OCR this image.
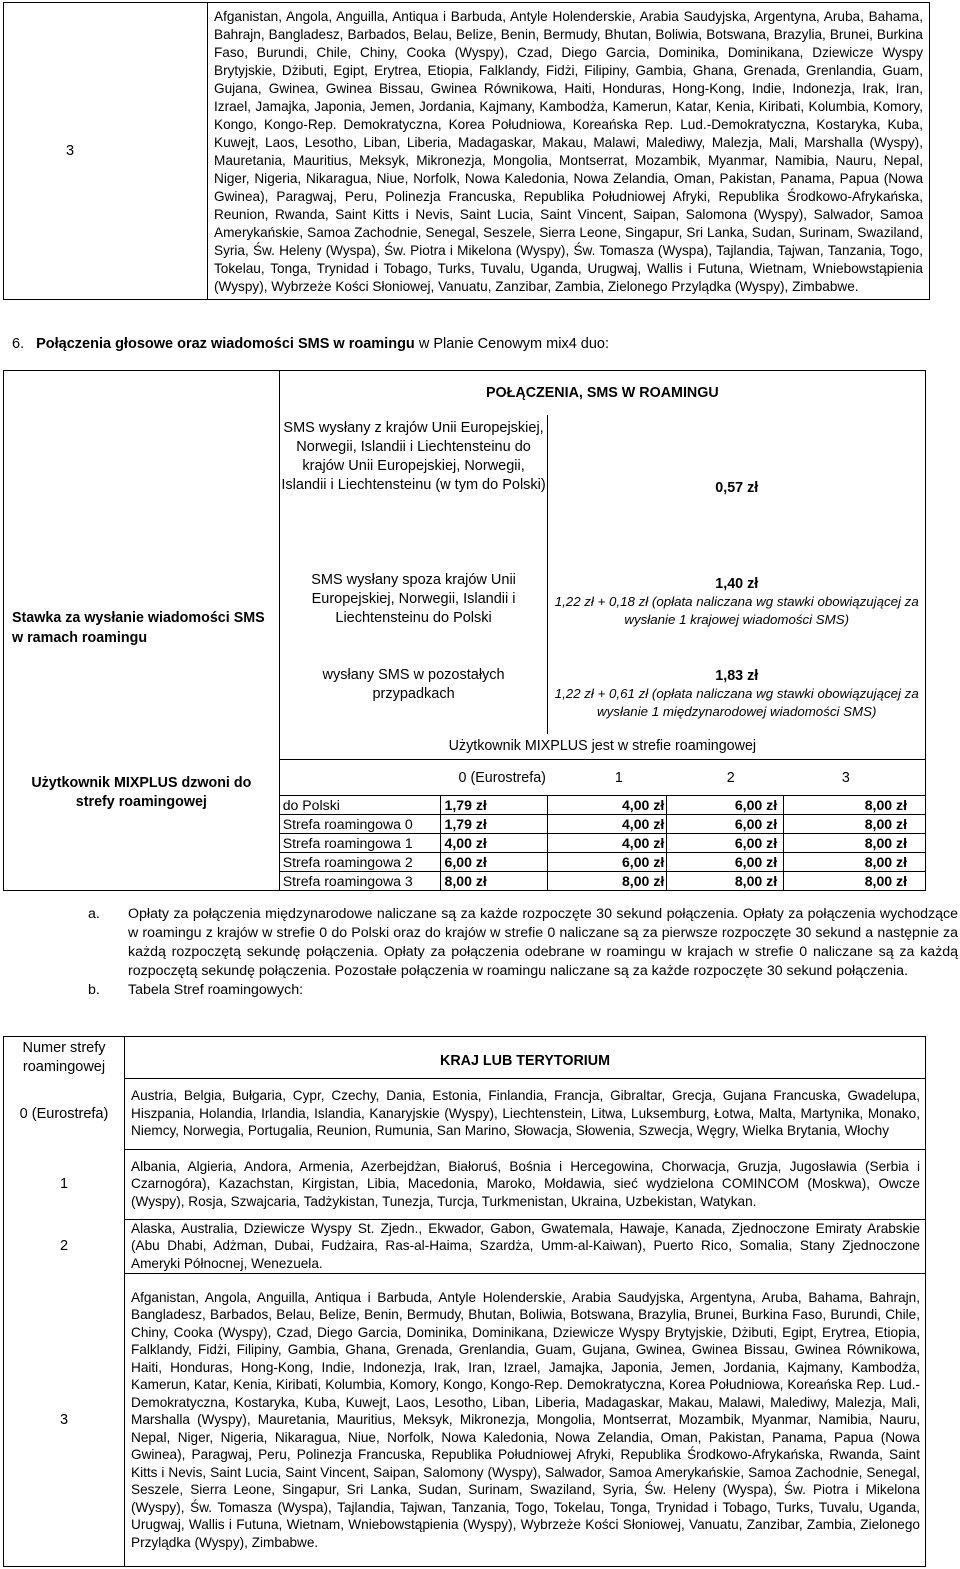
3	Afganistan, Angola, Anguilla, Antiqua i Barbuda, Antyle Holenderskie, Arabia Saudyjska, Argentyna, Aruba, Bahama, Bahrajn, Bangladesz, Barbados, Belau, Belize, Benin, Bermudy, Bhutan, Boliwia, Botswana, Brazylia, Brunei, Burkina Faso, Burundi, Chile, Chiny, Cooka (Wyspy), Czad, Diego Garcia, Dominika, Dominikana, Dziewicze Wyspy Brytyjskie, Dżibuti, Egipt, Erytrea, Etiopia, Falklandy, Fidżi, Filipiny, Gambia, Ghana, Grenada, Grenlandia, Guam, Gujana, Gwinea, Gwinea Bissau, Gwinea Równikowa, Haiti, Honduras, Hong-Kong, Indie, Indonezja, Irak, Iran, Izrael, Jamajka, Japonia, Jemen, Jordania, Kajmany, Kambodża, Kamerun, Katar, Kenia, Kiribati, Kolumbia, Komory, Kongo, Kongo-Rep. Demokratyczna, Korea Południowa, Koreańska Rep. Lud.-Demokratyczna, Kostaryka, Kuba, Kuwejt, Laos, Lesotho, Liban, Liberia, Madagaskar, Makau, Malawi, Malediwy, Malezja, Mali, Marshalla (Wyspy), Mauretania, Mauritius, Meksyk, Mikronezja, Mongolia, Montserrat, Mozambik, Myanmar, Namibia, Nauru, Nepal, Niger, Nigeria, Nikaragua, Niue, Norfolk, Nowa Kaledonia, Nowa Zelandia, Oman, Pakistan, Panama, Papua (Nowa Gwinea), Paragwaj, Peru, Polinezja Francuska, Republika Południowej Afryki, Republika Środkowo-Afrykańska, Reunion, Rwanda, Saint Kitts i Nevis, Saint Lucia, Saint Vincent, Saipan, Salomona (Wyspy), Salwador, Samoa Amerykańskie, Samoa Zachodnie, Senegal, Seszele, Sierra Leone, Singapur, Sri Lanka, Sudan, Surinam, Swaziland, Syria, Św. Heleny (Wyspa), Św. Piotra i Mikelona (Wyspy), Św. Tomasza (Wyspa), Tajlandia, Tajwan, Tanzania, Togo, Tokelau, Tonga, Trynidad i Tobago, Turks, Tuvalu, Uganda, Urugwaj, Wallis i Futuna, Wietnam, Wniebowstąpienia (Wyspy), Wybrzeże Kości Słoniowej, Vanuatu, Zanzibar, Zambia, Zielonego Przylądka (Wyspy), Zimbabwe.
6. Połączenia głosowe oraz wiadomości SMS w roamingu w Planie Cenowym mix4 duo:
Stawka za wysłanie wiadomości SMS w ramach roamingu	POŁĄCZENIA, SMS W ROAMINGU					
	SMS wysłany z krajów Unii Europejskiej, Norwegii, Islandii i Liechtensteinu do krajów Unii Europejskiej, Norwegii, Islandii i Liechtensteinu (w tym do Polski)			0,57 zł		
	SMS wysłany spoza krajów Unii Europejskiej, Norwegii, Islandii i Liechtensteinu do Polski			1,40 zł
1,22 zł + 0,18 zł (opłata naliczana wg stawki obowiązującej za wysłanie 1 krajowej wiadomości SMS)		

	wysłany SMS w pozostałych przypadkach			1,83 zł
1,22 zł + 0,61 zł (opłata naliczana wg stawki obowiązującej za wysłanie 1 międzynarodowej wiadomości SMS)		

	Użytkownik MIXPLUS jest w strefie roamingowej					
Użytkownik MIXPLUS dzwoni do strefy roamingowej		0 (Eurostrefa)		1	2	3
	do Polski		1,79 zł	4,00 zł	6,00 zł	8,00 zł
	Strefa roamingowa 0		1,79 zł	4,00 zł	6,00 zł	8,00 zł
	Strefa roamingowa 1		4,00 zł	4,00 zł	6,00 zł	8,00 zł
	Strefa roamingowa 2		6,00 zł	6,00 zł	6,00 zł	8,00 zł
	Strefa roamingowa 3		8,00 zł	8,00 zł	8,00 zł	8,00 zł
a.	Opłaty za połączenia międzynarodowe naliczane są za każde rozpoczęte 30 sekund połączenia. Opłaty za połączenia wychodzące w roamingu z krajów w strefie 0 do Polski oraz do krajów w strefie 0 naliczane są za pierwsze rozpoczęte 30 sekund a następnie za każdą rozpoczętą sekundę połączenia. Opłaty za połączenia odebrane w roamingu w krajach w strefie 0 naliczane są za każdą rozpoczętą sekundę połączenia. Pozostałe połączenia w roamingu naliczane są za każde rozpoczęte 30 sekund połączenia.
b.	Tabela Stref roamingowych:
Numer strefy roamingowej	KRAJ LUB TERYTORIUM
0 (Eurostrefa)	Austria, Belgia, Bułgaria, Cypr, Czechy, Dania, Estonia, Finlandia, Francja, Gibraltar, Grecja, Gujana Francuska, Gwadelupa, Hiszpania, Holandia, Irlandia, Islandia, Kanaryjskie (Wyspy), Liechtenstein, Litwa, Luksemburg, Łotwa, Malta, Martynika, Monako, Niemcy, Norwegia, Portugalia, Reunion, Rumunia, San Marino, Słowacja, Słowenia, Szwecja, Węgry, Wielka Brytania, Włochy
1	Albania, Algieria, Andora, Armenia, Azerbejdżan, Białoruś, Bośnia i Hercegowina, Chorwacja, Gruzja, Jugosławia (Serbia i Czarnogóra), Kazachstan, Kirgistan, Libia, Macedonia, Maroko, Mołdawia, sieć wydzielona COMINCOM (Moskwa), Owcze (Wyspy), Rosja, Szwajcaria, Tadżykistan, Tunezja, Turcja, Turkmenistan, Ukraina, Uzbekistan, Watykan.
2	Alaska, Australia, Dziewicze Wyspy St. Zjedn., Ekwador, Gabon, Gwatemala, Hawaje, Kanada, Zjednoczone Emiraty Arabskie (Abu Dhabi, Adżman, Dubai, Fudżaira, Ras-al-Haima, Szardża, Umm-al-Kaiwan), Puerto Rico, Somalia, Stany Zjednoczone Ameryki Północnej, Wenezuela.
3	Afganistan, Angola, Anguilla, Antiqua i Barbuda, Antyle Holenderskie, Arabia Saudyjska, Argentyna, Aruba, Bahama, Bahrajn, Bangladesz, Barbados, Belau, Belize, Benin, Bermudy, Bhutan, Boliwia, Botswana, Brazylia, Brunei, Burkina Faso, Burundi, Chile, Chiny, Cooka (Wyspy), Czad, Diego Garcia, Dominika, Dominikana, Dziewicze Wyspy Brytyjskie, Dżibuti, Egipt, Erytrea, Etiopia, Falklandy, Fidżi, Filipiny, Gambia, Ghana, Grenada, Grenlandia, Guam, Gujana, Gwinea, Gwinea Bissau, Gwinea Równikowa, Haiti, Honduras, Hong-Kong, Indie, Indonezja, Irak, Iran, Izrael, Jamajka, Japonia, Jemen, Jordania, Kajmany, Kambodża, Kamerun, Katar, Kenia, Kiribati, Kolumbia, Komory, Kongo, Kongo-Rep. Demokratyczna, Korea Południowa, Koreańska Rep. Lud.-Demokratyczna, Kostaryka, Kuba, Kuwejt, Laos, Lesotho, Liban, Liberia, Madagaskar, Makau, Malawi, Malediwy, Malezja, Mali, Marshalla (Wyspy), Mauretania, Mauritius, Meksyk, Mikronezja, Mongolia, Montserrat, Mozambik, Myanmar, Namibia, Nauru, Nepal, Niger, Nigeria, Nikaragua, Niue, Norfolk, Nowa Kaledonia, Nowa Zelandia, Oman, Pakistan, Panama, Papua (Nowa Gwinea), Paragwaj, Peru, Polinezja Francuska, Republika Południowej Afryki, Republika Środkowo-Afrykańska, Rwanda, Saint Kitts i Nevis, Saint Lucia, Saint Vincent, Saipan, Salomony (Wyspy), Salwador, Samoa Amerykańskie, Samoa Zachodnie, Senegal, Seszele, Sierra Leone, Singapur, Sri Lanka, Sudan, Surinam, Swaziland, Syria, Św. Heleny (Wyspa), Św. Piotra i Mikelona (Wyspy), Św. Tomasza (Wyspa), Tajlandia, Tajwan, Tanzania, Togo, Tokelau, Tonga, Trynidad i Tobago, Turks, Tuvalu, Uganda, Urugwaj, Wallis i Futuna, Wietnam, Wniebowstąpienia (Wyspy), Wybrzeże Kości Słoniowej, Vanuatu, Zanzibar, Zambia, Zielonego Przylądka (Wyspy), Zimbabwe.
